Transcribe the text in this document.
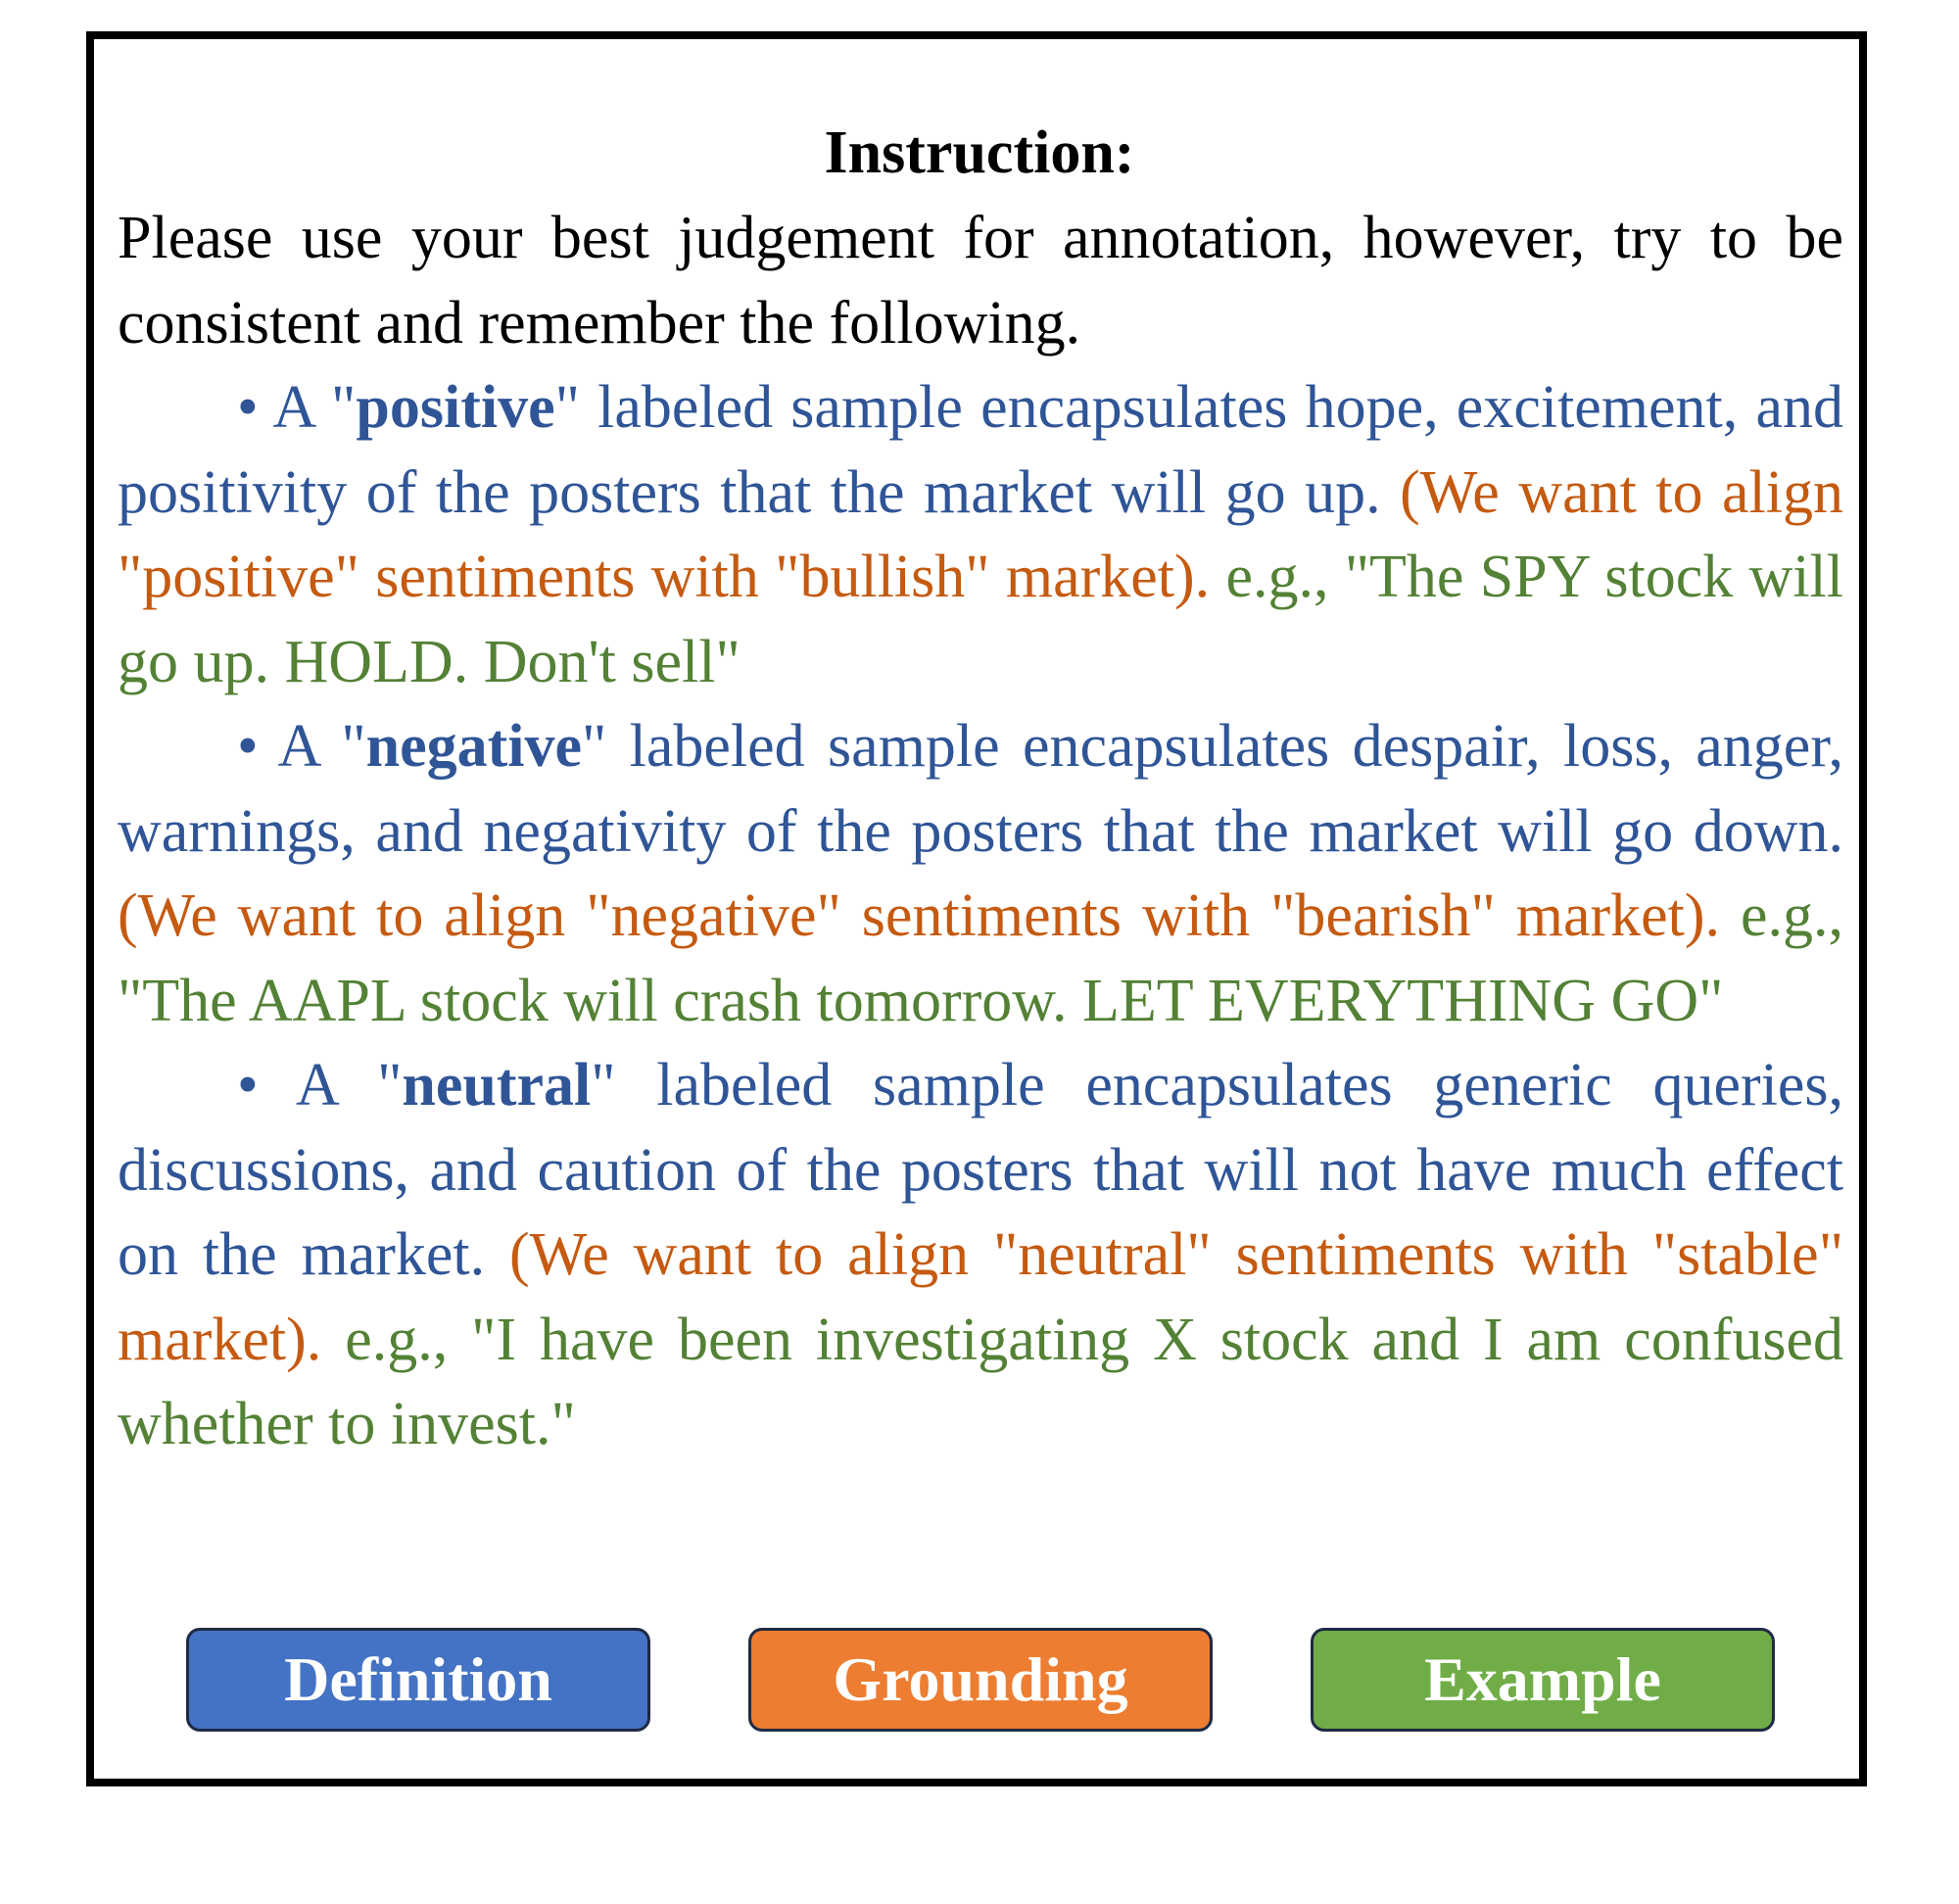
Instruction:

Please use your best judgement for annotation, however, try to be consistent and remember the following.

• A "positive" labeled sample encapsulates hope, excitement, and positivity of the posters that the market will go up. (We want to align "positive" sentiments with "bullish" market). e.g., "The SPY stock will go up. HOLD. Don't sell"

• A "negative" labeled sample encapsulates despair, loss, anger, warnings, and negativity of the posters that the market will go down. (We want to align "negative" sentiments with "bearish" market). e.g., "The AAPL stock will crash tomorrow. LET EVERYTHING GO"

• A "neutral" labeled sample encapsulates generic queries, discussions, and caution of the posters that will not have much effect on the market. (We want to align "neutral" sentiments with "stable" market). e.g., "I have been investigating X stock and I am confused whether to invest."

Definition	Grounding	Example
